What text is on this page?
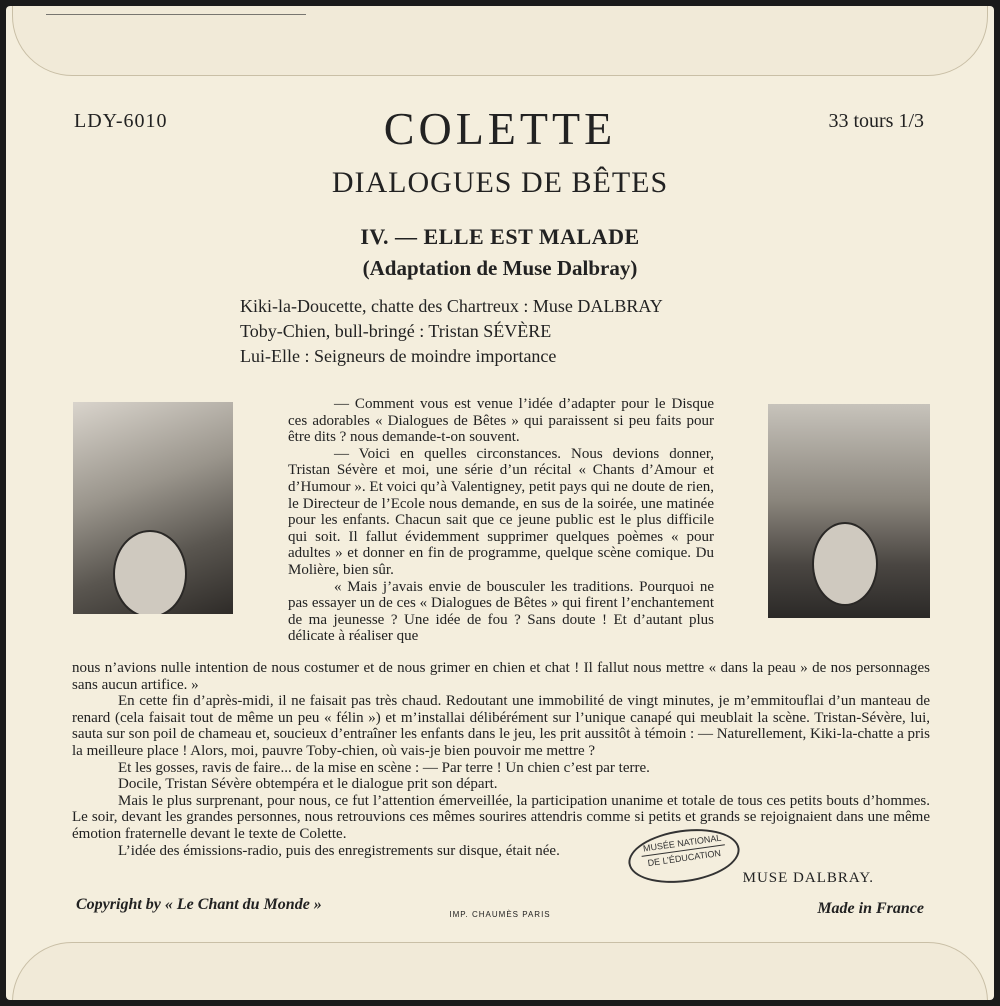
LDY-6010	33 tours 1/3
COLETTE
DIALOGUES DE BÊTES
IV. — ELLE EST MALADE
(Adaptation de Muse Dalbray)
Kiki-la-Doucette, chatte des Chartreux : Muse DALBRAY
Toby-Chien, bull-bringé : Tristan SÉVÈRE
Lui-Elle : Seigneurs de moindre importance

— Comment vous est venue l’idée d’adapter pour le Disque ces adorables « Dialogues de Bêtes » qui paraissent si peu faits pour être dits ? nous demande-t-on souvent.

— Voici en quelles circonstances. Nous devions donner, Tristan Sévère et moi, une série d’un récital « Chants d’Amour et d’Humour ». Et voici qu’à Valentigney, petit pays qui ne doute de rien, le Directeur de l’Ecole nous demande, en sus de la soirée, une matinée pour les enfants. Chacun sait que ce jeune public est le plus difficile qui soit. Il fallut évidemment supprimer quelques poèmes « pour adultes » et donner en fin de programme, quelque scène comique. Du Molière, bien sûr.

« Mais j’avais envie de bousculer les traditions. Pourquoi ne pas essayer un de ces « Dialogues de Bêtes » qui firent l’enchantement de ma jeunesse ? Une idée de fou ? Sans doute ! Et d’autant plus délicate à réaliser que

nous n’avions nulle intention de nous costumer et de nous grimer en chien et chat ! Il fallut nous mettre « dans la peau » de nos personnages sans aucun artifice. »

En cette fin d’après-midi, il ne faisait pas très chaud. Redoutant une immobilité de vingt minutes, je m’emmitouflai d’un manteau de renard (cela faisait tout de même un peu « félin ») et m’installai délibérément sur l’unique canapé qui meublait la scène. Tristan-Sévère, lui, sauta sur son poil de chameau et, soucieux d’entraîner les enfants dans le jeu, les prit aussitôt à témoin : — Naturellement, Kiki-la-chatte a pris la meilleure place ! Alors, moi, pauvre Toby-chien, où vais-je bien pouvoir me mettre ?

Et les gosses, ravis de faire... de la mise en scène : — Par terre ! Un chien c’est par terre.

Docile, Tristan Sévère obtempéra et le dialogue prit son départ.

Mais le plus surprenant, pour nous, ce fut l’attention émerveillée, la participation unanime et totale de tous ces petits bouts d’hommes. Le soir, devant les grandes personnes, nous retrouvions ces mêmes sourires attendris comme si petits et grands se rejoignaient dans une même émotion fraternelle devant le texte de Colette.

L’idée des émissions-radio, puis des enregistrements sur disque, était née.	MUSÉE NATIONAL
DE L’ÉDUCATION
MUSE DALBRAY.
Copyright by « Le Chant du Monde »
IMP. CHAUMÈS PARIS	Made in France
